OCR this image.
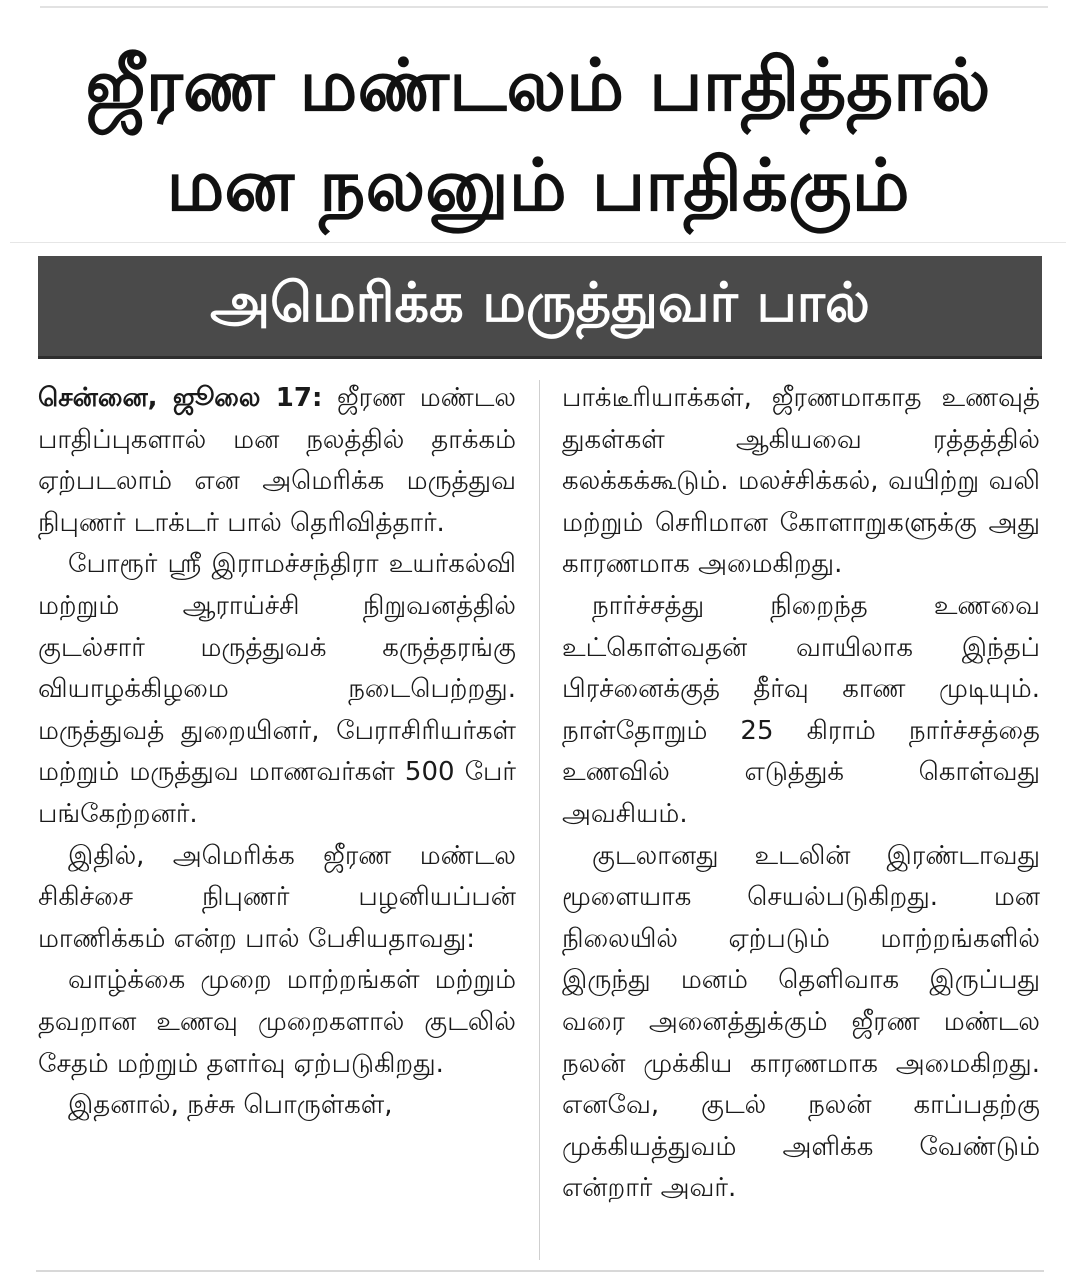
ஜீரண மண்டலம் பாதித்தால்
மன நலனும் பாதிக்கும்
அமெரிக்க மருத்துவர் பால்

சென்னை, ஜூலை 17: ஜீரண மண்டல பாதிப்புகளால் மன நலத்தில் தாக்கம் ஏற்படலாம் என அமெரிக்க மருத்துவ நிபுணர் டாக்டர் பால் தெரிவித்தார்.

போரூர் ஸ்ரீ இராமச்சந்திரா உயர்கல்வி மற்றும் ஆராய்ச்சி நிறுவனத்தில் குடல்சார் மருத்துவக் கருத்தரங்கு வியாழக்கிழமை நடைபெற்றது. மருத்துவத் துறையினர், பேராசிரியர்கள் மற்றும் மருத்துவ மாணவர்கள் 500 பேர் பங்கேற்றனர்.

இதில், அமெரிக்க ஜீரண மண்டல சிகிச்சை நிபுணர் பழனியப்பன் மாணிக்கம் என்ற பால் பேசியதாவது:

வாழ்க்கை முறை மாற்றங்கள் மற்றும் தவறான உணவு முறைகளால் குடலில் சேதம் மற்றும் தளர்வு ஏற்படுகிறது.

இதனால், நச்சு பொருள்கள்,

பாக்டீரியாக்கள், ஜீரணமாகாத உணவுத் துகள்கள் ஆகியவை ரத்தத்தில் கலக்கக்கூடும். மலச்சிக்கல், வயிற்று வலி மற்றும் செரிமான கோளாறுகளுக்கு அது காரணமாக அமைகிறது.

நார்ச்சத்து நிறைந்த உணவை உட்கொள்வதன் வாயிலாக இந்தப் பிரச்னைக்குத் தீர்வு காண முடியும். நாள்தோறும் 25 கிராம் நார்ச்சத்தை உணவில் எடுத்துக் கொள்வது அவசியம்.

குடலானது உடலின் இரண்டாவது மூளையாக செயல்படுகிறது. மன நிலையில் ஏற்படும் மாற்றங்களில் இருந்து மனம் தெளிவாக இருப்பது வரை அனைத்துக்கும் ஜீரண மண்டல நலன் முக்கிய காரணமாக அமைகிறது. எனவே, குடல் நலன் காப்பதற்கு முக்கியத்துவம் அளிக்க வேண்டும் என்றார் அவர்.
